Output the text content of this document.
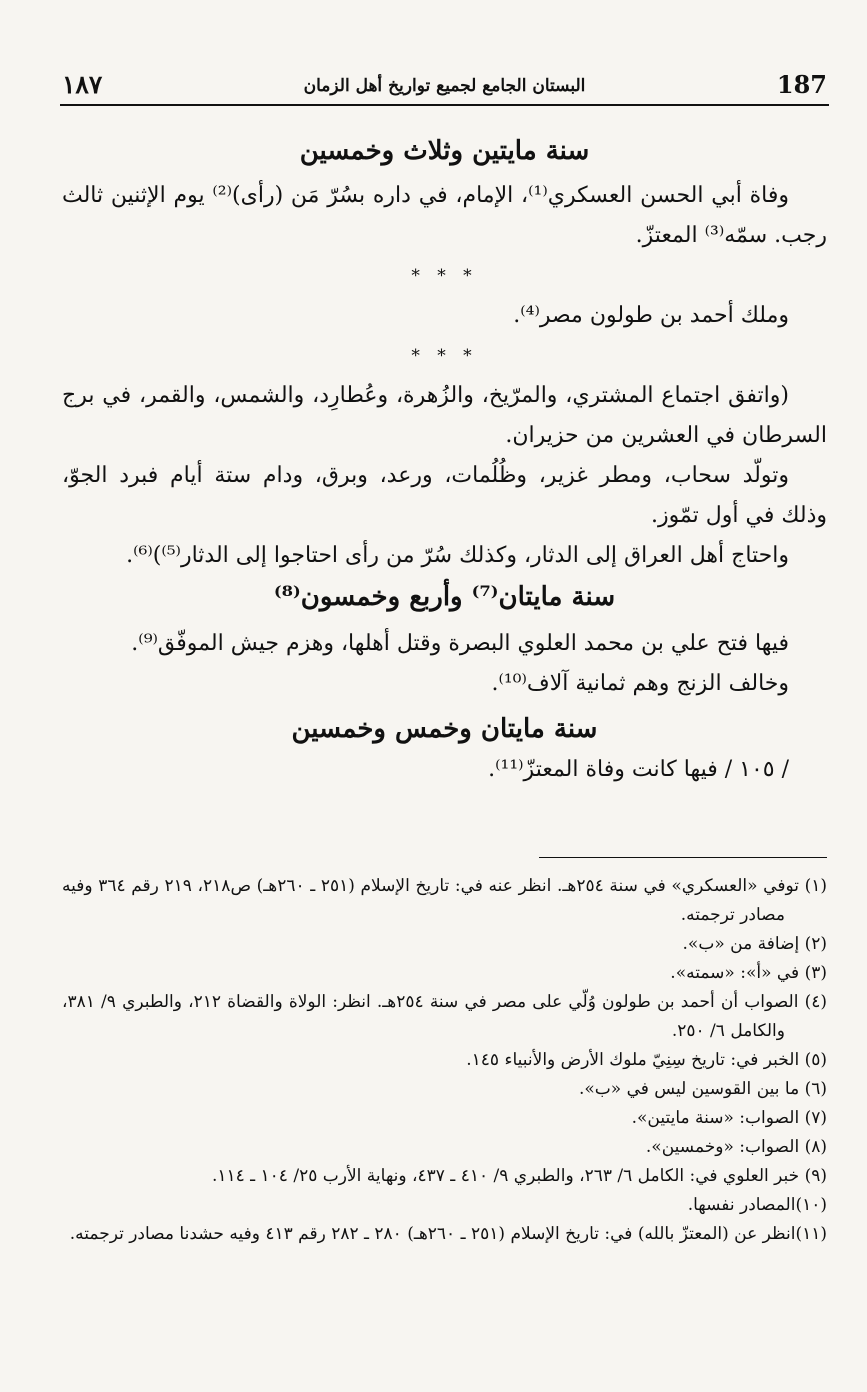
١٨٧	البستان الجامع لجميع تواريخ أهل الزمان	187
سنة مايتين وثلاث وخمسين

وفاة أبي الحسن العسكري⁽¹⁾، الإمام، في داره بسُرّ مَن (رأى)⁽²⁾ يوم الإثنين ثالث رجب. سمّه⁽³⁾ المعتزّ.

* * *

وملك أحمد بن طولون مصر⁽⁴⁾.

* * *

(واتفق اجتماع المشتري، والمرّيخ، والزُهرة، وعُطارِد، والشمس، والقمر، في برج السرطان في العشرين من حزيران.

وتولّد سحاب، ومطر غزير، وظُلُمات، ورعد، وبرق، ودام ستة أيام فبرد الجوّ، وذلك في أول تمّوز.

واحتاج أهل العراق إلى الدثار، وكذلك سُرّ من رأى احتاجوا إلى الدثار⁽⁵⁾)⁽⁶⁾.

سنة مايتان⁽⁷⁾ وأربع وخمسون⁽⁸⁾

فيها فتح علي بن محمد العلوي البصرة وقتل أهلها، وهزم جيش الموفّق⁽⁹⁾.

وخالف الزنج وهم ثمانية آلاف⁽¹⁰⁾.

سنة مايتان وخمس وخمسين

/ ١٠٥ / فيها كانت وفاة المعتزّ⁽¹¹⁾.

(١) توفي «العسكري» في سنة ٢٥٤هـ. انظر عنه في: تاريخ الإسلام (٢٥١ ـ ٢٦٠هـ) ص٢١٨، ٢١٩ رقم ٣٦٤ وفيه مصادر ترجمته.

(٢) إضافة من «ب».

(٣) في «أ»: «سمته».

(٤) الصواب أن أحمد بن طولون وُلّي على مصر في سنة ٢٥٤هـ. انظر: الولاة والقضاة ٢١٢، والطبري ٩/ ٣٨١، والكامل ٦/ ٢٥٠.

(٥) الخبر في: تاريخ سِنِيّ ملوك الأرض والأنبياء ١٤٥.

(٦) ما بين القوسين ليس في «ب».

(٧) الصواب: «سنة مايتين».

(٨) الصواب: «وخمسين».

(٩) خبر العلوي في: الكامل ٦/ ٢٦٣، والطبري ٩/ ٤١٠ ـ ٤٣٧، ونهاية الأرب ٢٥/ ١٠٤ ـ ١١٤.

(١٠)المصادر نفسها.

(١١)انظر عن (المعتزّ بالله) في: تاريخ الإسلام (٢٥١ ـ ٢٦٠هـ) ٢٨٠ ـ ٢٨٢ رقم ٤١٣ وفيه حشدنا مصادر ترجمته.
